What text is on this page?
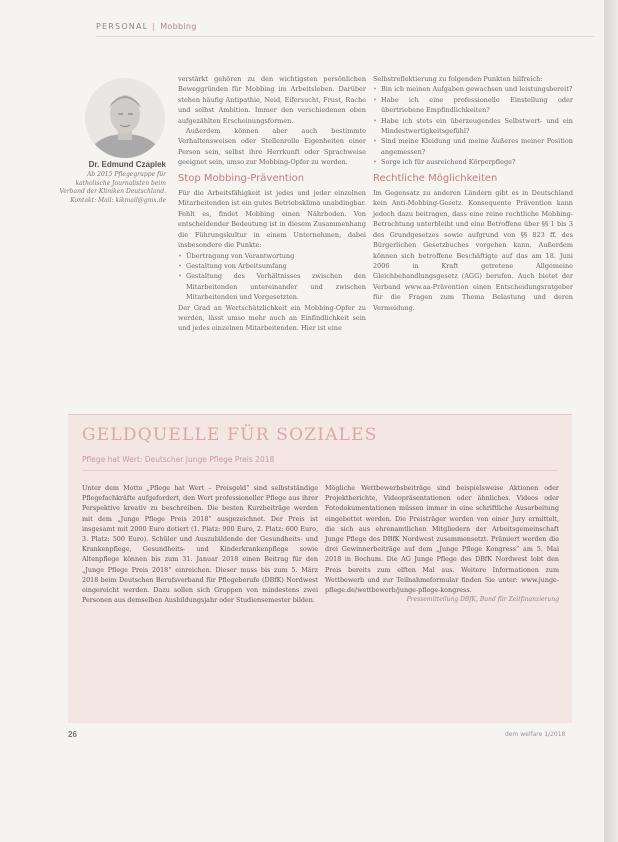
PERSONAL | Mobbing
Dr. Edmund Czaplek
Ab 2015 Pflegegruppe für katholische Journalisten beim Verband der Kliniken Deutschland. Kontakt: Mail: kikmail@gmx.de

verstärkt gehören zu den wichtigsten persönlichen Beweggründen für Mobbing im Arbeitsleben. Darüber stehen häufig Antipathie, Neid, Eifersucht, Frust, Rache und selbst Ambition. Immer den verschiedenen oben aufgezählten Erscheinungsformen.

Außerdem können aber auch bestimmte Verhaltensweisen oder Stellenrolle Eigenheiten einer Person sein, selbst ihre Herrkunft oder Sprachweise geeignet sein, umso zur Mobbing-Opfer zu werden.

Stop Mobbing-Prävention

Für die Arbeitsfähigkeit ist jedes und jeder einzelnen Mitarbeitenden ist ein gutes Betriebsklima unabdingbar. Fehlt es, findet Mobbing einen Nährboden. Von entscheidender Bedeutung ist in diesem Zusammenhang die Führungskultur in einem Unternehmen, dabei insbesondere die Punkte:

• Übertragung von Verantwortung
• Gestaltung von Arbeitsumfang
• Gestaltung des Verhältnisses zwischen den Mitarbeitenden untereinander und zwischen Mitarbeitenden und Vorgesetzten.

Der Grad an Wertschätzlichkeit ein Mobbing-Opfer zu werden, lässt umso mehr auch an Einfindlichkeit sein und jedes einzelnen Mitarbeitenden. Hier ist eine

Selbstreflektierung zu folgenden Punkten hilfreich:

• Bin ich meinen Aufgaben gewachsen und leistungsbereit?
• Habe ich eine professionelle Einstellung oder übertriebene Empfindlichkeiten?
• Habe ich stets ein überzeugendes Selbstwert- und ein Mindestwertigkeitsgefühl?
• Sind meine Kleidung und meine Äußeres meiner Position angemessen?
• Sorge ich für ausreichend Körperpflege?
Rechtliche Möglichkeiten

Im Gegensatz zu anderen Ländern gibt es in Deutschland kein Anti-Mobbing-Gesetz. Konsequente Prävention kann jedoch dazu beitragen, dass eine reine rechtliche Mobbing-Betrachtung unterbleibt und eine Betroffene über §§ 1 bis 3 des Grundgesetzes sowie aufgrund von §§ 823 ff. des Bürgerlichen Gesetzbuches vorgehen kann. Außerdem können sich betroffene Beschäftigte auf das am 18. Juni 2006 in Kraft getretene Allgemeine Gleichbehandlungsgesetz (AGG) berufen. Auch bietet der Verband www.aa-Prävention einen Entscheidungsratgeber für die Fragen zum Thema Belastung und deren Vermeidung.

GELDQUELLE FÜR SOZIALES
Pflege hat Wert: Deutscher Junge Pflege Preis 2018

Unter dem Motto „Pflege hat Wert – Preisgeld“ sind selbstständige Pflegefachkräfte aufgefordert, den Wert professioneller Pflege aus ihrer Perspektive kreativ zu beschreiben. Die besten Kurzbeiträge werden mit dem „Junge Pflege Preis 2018“ ausgezeichnet. Der Preis ist insgesamt mit 2000 Euro dotiert (1. Platz: 900 Euro, 2. Platz: 600 Euro, 3. Platz: 500 Euro). Schüler und Auszubildende der Gesundheits- und Krankenpflege, Gesundheits- und Kinderkrankenpflege sowie Altenpflege können bis zum 31. Januar 2018 einen Beitrag für den „Junge Pflege Preis 2018“ einreichen. Dieser muss bis zum 5. März 2018 beim Deutschen Berufsverband für Pflegeberufe (DBfK) Nordwest eingereicht werden. Dazu sollen sich Gruppen von mindestens zwei Personen aus demselben Ausbildungsjahr oder Studiensemester bilden.

Mögliche Wettbewerbsbeiträge sind beispielsweise Aktionen oder Projektberichte, Videopräsentationen oder ähnliches. Videos oder Fotodokumentationen müssen immer in eine schriftliche Ausarbeitung eingebettet werden. Die Preisträger werden von einer Jury ermittelt, die sich aus ehrenamtlichen Mitgliedern der Arbeitsgemeinschaft Junge Pflege des DBfK Nordwest zusammensetzt. Prämiert werden die drei Gewinnerbeiträge auf dem „Junge Pflege Kongress“ am 5. Mai 2018 in Bochum. Die AG Junge Pflege des DBfK Nordwest lobt den Preis bereits zum elften Mal aus. Weitere Informationen zum Wettbewerb und zur Teilnahmeformular finden Sie unter: www.junge-pflege.de/wettbewerb/junge-pflege-kongress.

Pressemitteilung DBfK, Bund für Zeitfinanzierung

26	dem welfare 1/2018
